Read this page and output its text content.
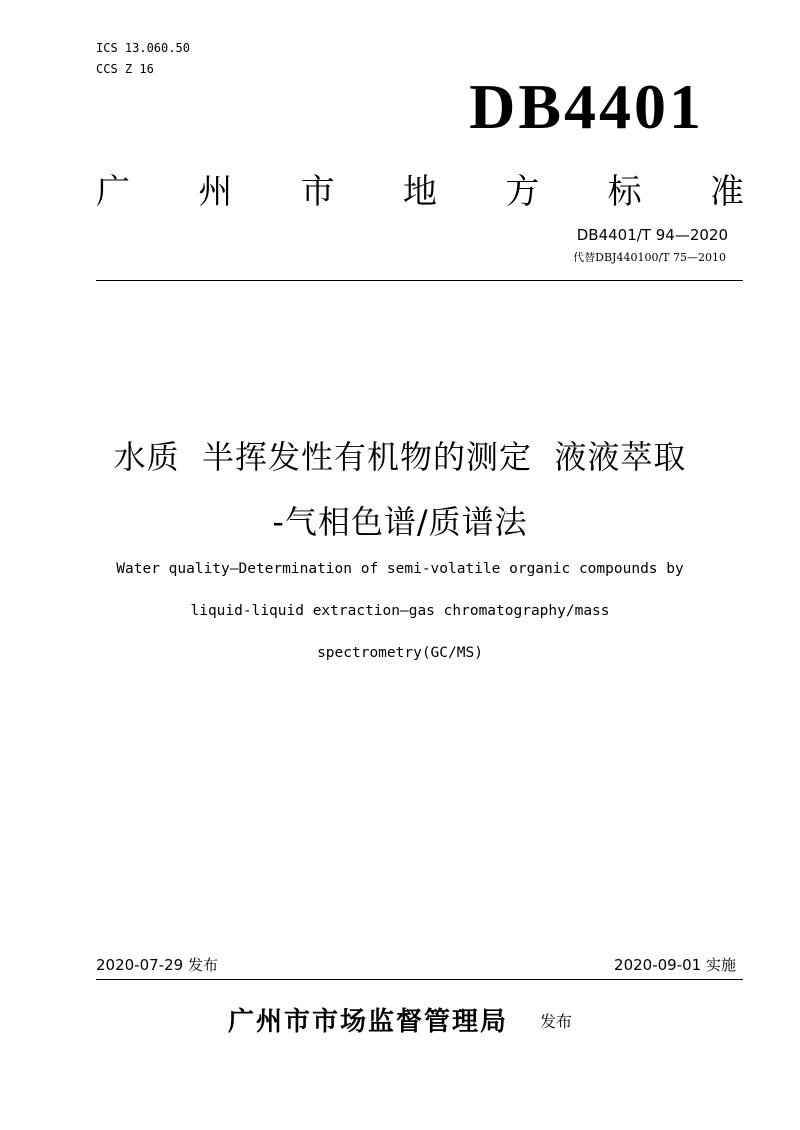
ICS 13.060.50
CCS Z 16
DB4401
广 州 市 地 方 标 准
DB4401/T 94—2020
代替DBJ440100/T 75—2010
水质  半挥发性有机物的测定  液液萃取
-气相色谱/质谱法
Water quality—Determination of semi-volatile organic compounds by
liquid-liquid extraction—gas chromatography/mass
spectrometry(GC/MS)
2020-07-29 发布	2020-09-01 实施
广州市市场监督管理局 发布
